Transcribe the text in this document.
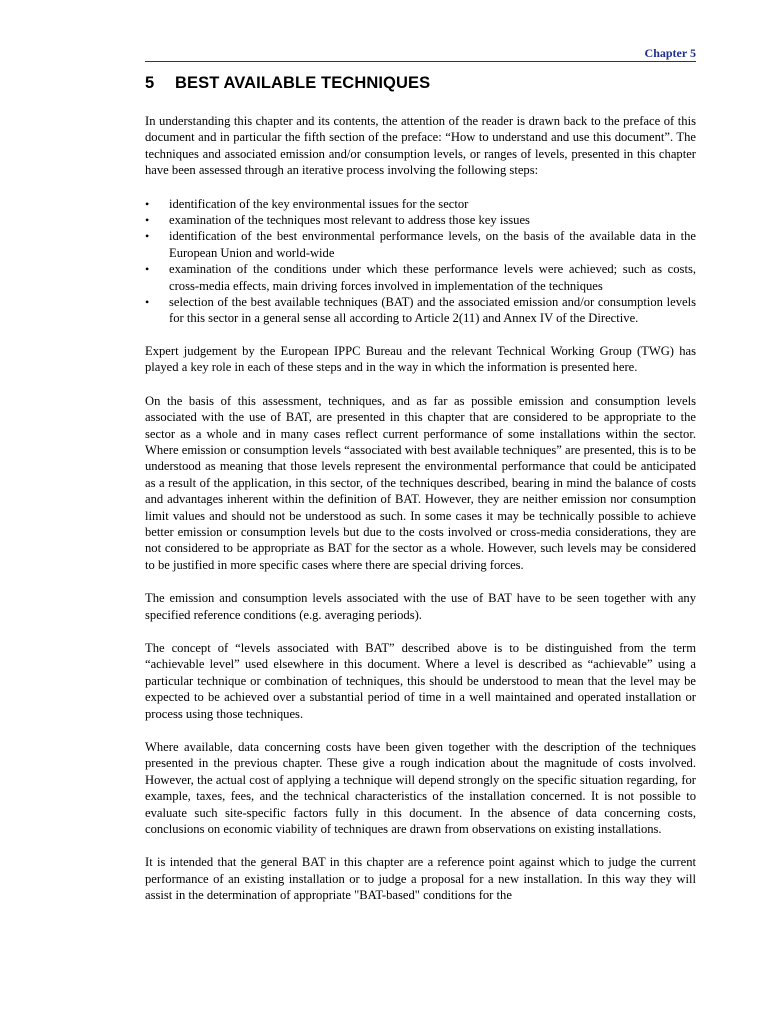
Chapter 5
5 BEST AVAILABLE TECHNIQUES

In understanding this chapter and its contents, the attention of the reader is drawn back to the preface of this document and in particular the fifth section of the preface: “How to understand and use this document”. The techniques and associated emission and/or consumption levels, or ranges of levels, presented in this chapter have been assessed through an iterative process involving the following steps:

• identification of the key environmental issues for the sector
• examination of the techniques most relevant to address those key issues
• identification of the best environmental performance levels, on the basis of the available data in the European Union and world-wide
• examination of the conditions under which these performance levels were achieved; such as costs, cross-media effects, main driving forces involved in implementation of the techniques
• selection of the best available techniques (BAT) and the associated emission and/or consumption levels for this sector in a general sense all according to Article 2(11) and Annex IV of the Directive.

Expert judgement by the European IPPC Bureau and the relevant Technical Working Group (TWG) has played a key role in each of these steps and in the way in which the information is presented here.

On the basis of this assessment, techniques, and as far as possible emission and consumption levels associated with the use of BAT, are presented in this chapter that are considered to be appropriate to the sector as a whole and in many cases reflect current performance of some installations within the sector. Where emission or consumption levels “associated with best available techniques” are presented, this is to be understood as meaning that those levels represent the environmental performance that could be anticipated as a result of the application, in this sector, of the techniques described, bearing in mind the balance of costs and advantages inherent within the definition of BAT. However, they are neither emission nor consumption limit values and should not be understood as such. In some cases it may be technically possible to achieve better emission or consumption levels but due to the costs involved or cross-media considerations, they are not considered to be appropriate as BAT for the sector as a whole. However, such levels may be considered to be justified in more specific cases where there are special driving forces.

The emission and consumption levels associated with the use of BAT have to be seen together with any specified reference conditions (e.g. averaging periods).

The concept of “levels associated with BAT” described above is to be distinguished from the term “achievable level” used elsewhere in this document. Where a level is described as “achievable” using a particular technique or combination of techniques, this should be understood to mean that the level may be expected to be achieved over a substantial period of time in a well maintained and operated installation or process using those techniques.

Where available, data concerning costs have been given together with the description of the techniques presented in the previous chapter. These give a rough indication about the magnitude of costs involved. However, the actual cost of applying a technique will depend strongly on the specific situation regarding, for example, taxes, fees, and the technical characteristics of the installation concerned. It is not possible to evaluate such site-specific factors fully in this document. In the absence of data concerning costs, conclusions on economic viability of techniques are drawn from observations on existing installations.

It is intended that the general BAT in this chapter are a reference point against which to judge the current performance of an existing installation or to judge a proposal for a new installation. In this way they will assist in the determination of appropriate "BAT-based" conditions for the
